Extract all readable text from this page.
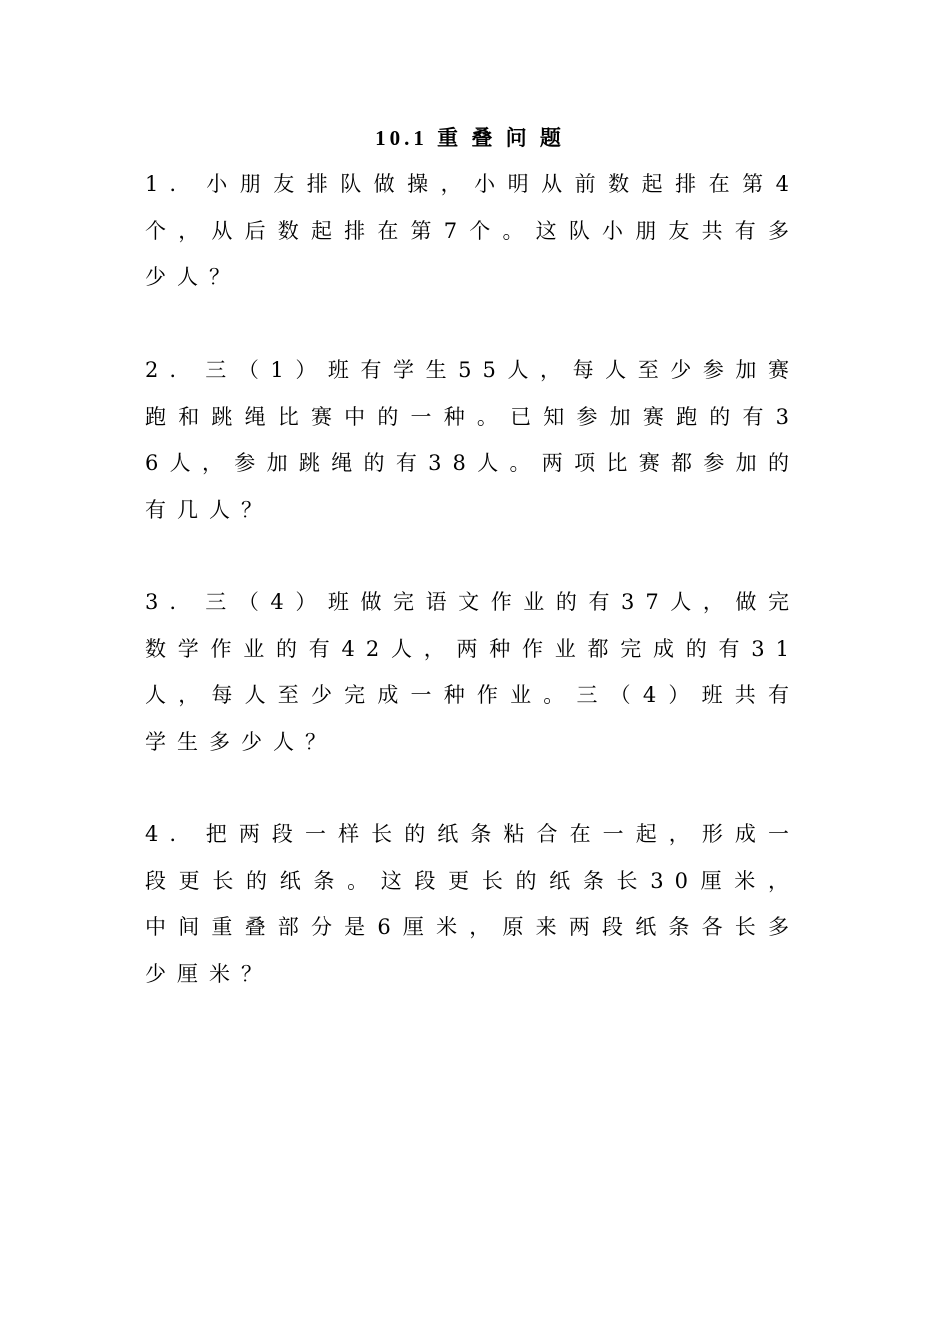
10.1 重 叠 问 题
1. 小朋友排队做操，小明从前数起排在第4个，从后数起排在第7个。这队小朋友共有多少人？
2. 三（1）班有学生55人，每人至少参加赛跑和跳绳比赛中的一种。已知参加赛跑的有36人，参加跳绳的有38人。两项比赛都参加的有几人？
3. 三（4）班做完语文作业的有37人，做完数学作业的有42人，两种作业都完成的有31人，每人至少完成一种作业。三（4）班共有学生多少人？
4. 把两段一样长的纸条粘合在一起，形成一段更长的纸条。这段更长的纸条长30厘米，中间重叠部分是6厘米，原来两段纸条各长多少厘米？
